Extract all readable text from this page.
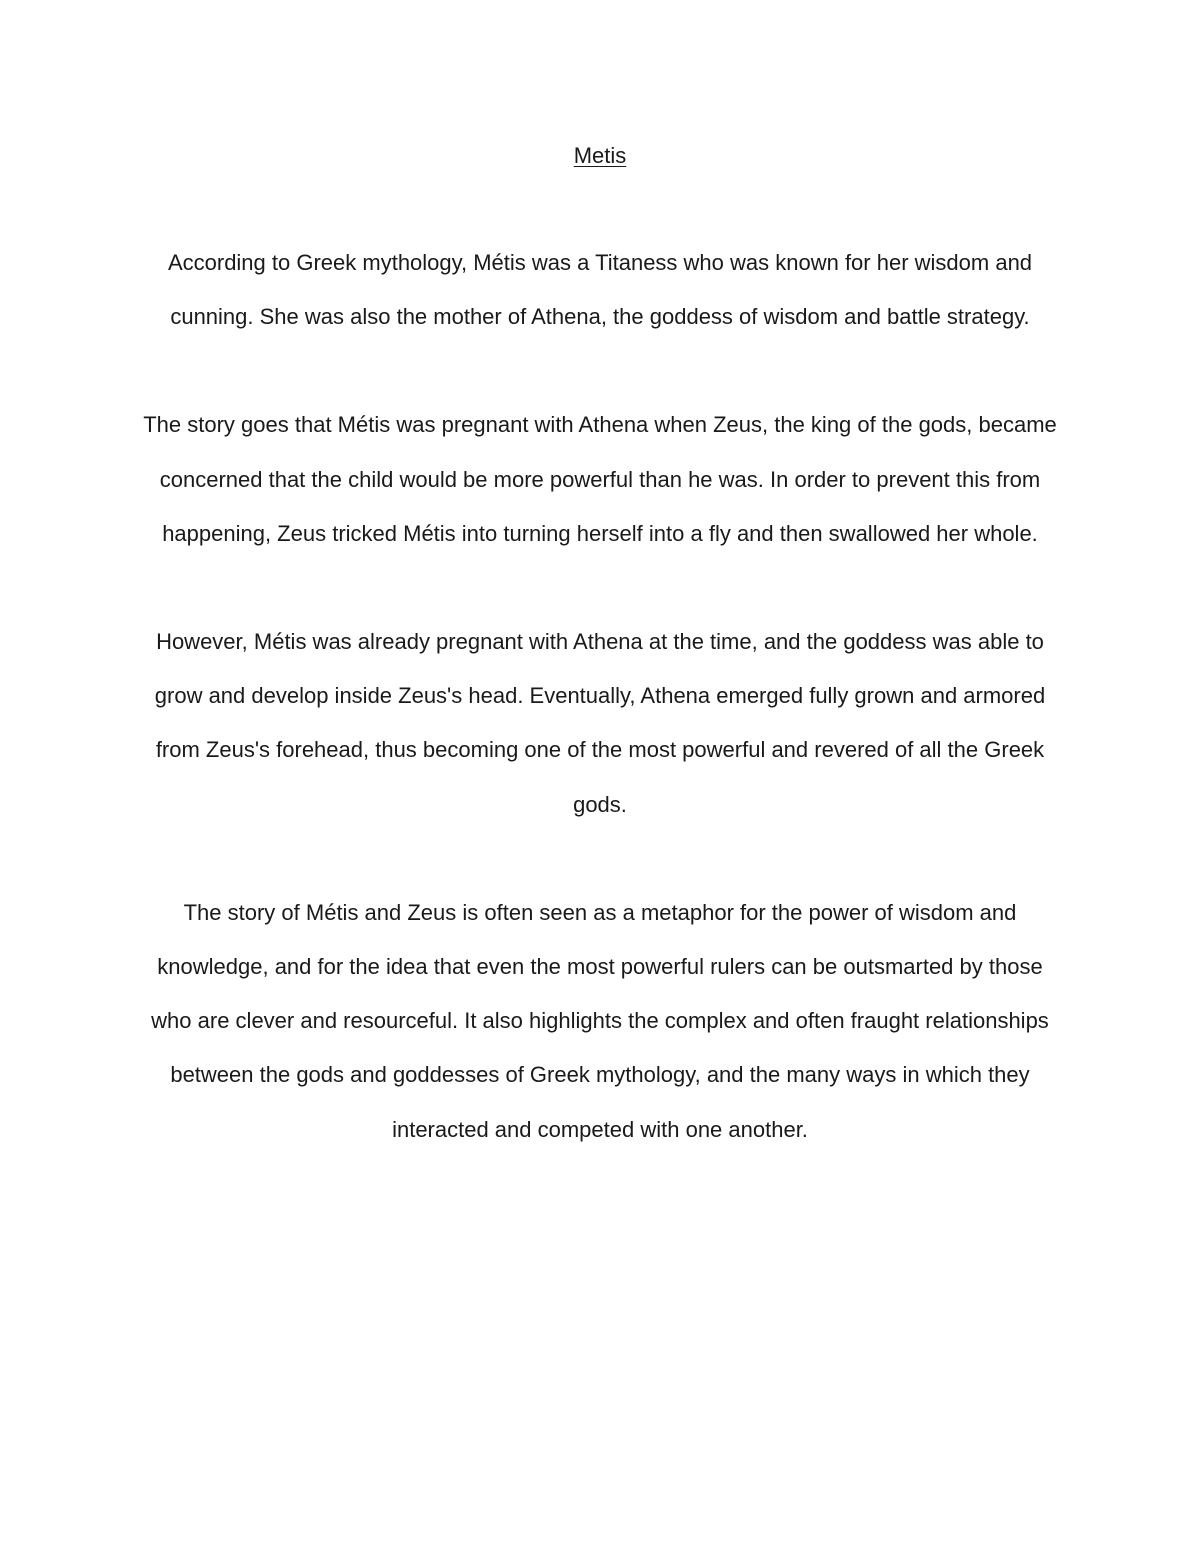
Metis

According to Greek mythology, Métis was a Titaness who was known for her wisdom and cunning. She was also the mother of Athena, the goddess of wisdom and battle strategy.

The story goes that Métis was pregnant with Athena when Zeus, the king of the gods, became concerned that the child would be more powerful than he was. In order to prevent this from happening, Zeus tricked Métis into turning herself into a fly and then swallowed her whole.

However, Métis was already pregnant with Athena at the time, and the goddess was able to grow and develop inside Zeus's head. Eventually, Athena emerged fully grown and armored from Zeus's forehead, thus becoming one of the most powerful and revered of all the Greek gods.

The story of Métis and Zeus is often seen as a metaphor for the power of wisdom and knowledge, and for the idea that even the most powerful rulers can be outsmarted by those who are clever and resourceful. It also highlights the complex and often fraught relationships between the gods and goddesses of Greek mythology, and the many ways in which they interacted and competed with one another.
